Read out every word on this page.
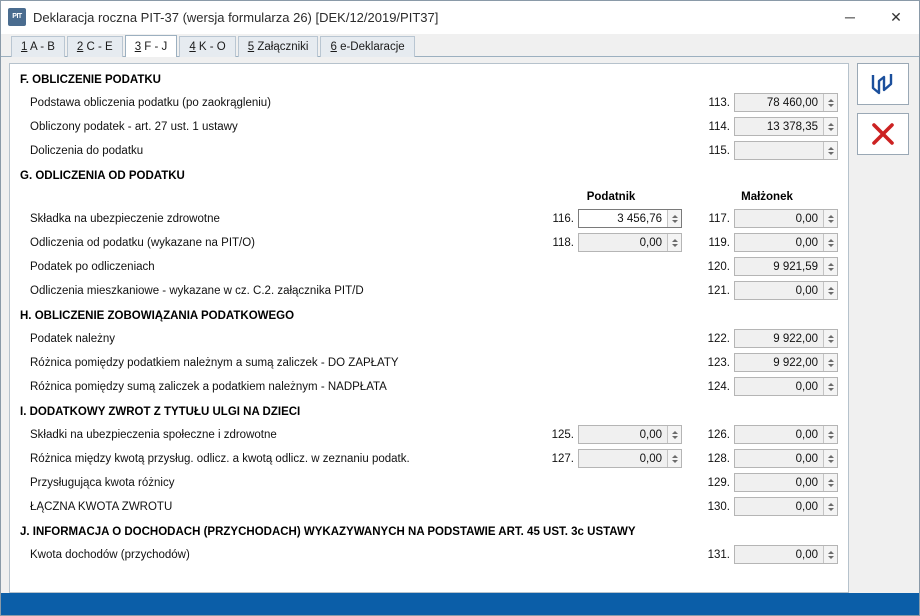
PIT Deklaracja roczna PIT-37 (wersja formularza 26) [DEK/12/2019/PIT37]	─	✕
1 A - B	2 C - E	3 F - J	4 K - O	5 Załączniki	6 e-Deklaracje
F. OBLICZENIE PODATKU
Podstawa obliczenia podatku (po zaokrągleniu)	113.	78 460,00
Obliczony podatek - art. 27 ust. 1 ustawy	114.	13 378,35
Doliczenia do podatku	115.
G. ODLICZENIA OD PODATKU
Podatnik	Małżonek
Składka na ubezpieczenie zdrowotne	116.	3 456,76	117.	0,00
Odliczenia od podatku (wykazane na PIT/O)	118.	0,00	119.	0,00
Podatek po odliczeniach	120.	9 921,59
Odliczenia mieszkaniowe - wykazane w cz. C.2. załącznika PIT/D	121.	0,00
H. OBLICZENIE ZOBOWIĄZANIA PODATKOWEGO
Podatek należny	122.	9 922,00
Różnica pomiędzy podatkiem należnym a sumą zaliczek - DO ZAPŁATY	123.	9 922,00
Różnica pomiędzy sumą zaliczek a podatkiem należnym - NADPŁATA	124.	0,00
I. DODATKOWY ZWROT Z TYTUŁU ULGI NA DZIECI
Składki na ubezpieczenia społeczne i zdrowotne	125.	0,00	126.	0,00
Różnica między kwotą przysług. odlicz. a kwotą odlicz. w zeznaniu podatk.	127.	0,00	128.	0,00
Przysługująca kwota różnicy	129.	0,00
ŁĄCZNA KWOTA ZWROTU	130.	0,00
J. INFORMACJA O DOCHODACH (PRZYCHODACH) WYKAZYWANYCH NA PODSTAWIE ART. 45 UST. 3c USTAWY
Kwota dochodów (przychodów)	131.	0,00
